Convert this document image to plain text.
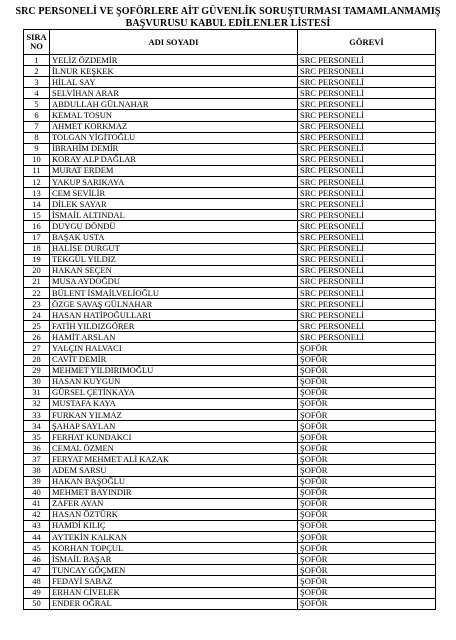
SRC PERSONELİ VE ŞOFÖRLERE AİT GÜVENLİK SORUŞTURMASI TAMAMLANMAMIŞ
BAŞVURUSU KABUL EDİLENLER LİSTESİ
SIRA
NO	ADI SOYADI	GÖREVİ
1	YELİZ ÖZDEMİR	SRC PERSONELİ
2	İLNUR KEŞKEK	SRC PERSONELİ
3	HİLAL SAY	SRC PERSONELİ
4	SELVİHAN ARAR	SRC PERSONELİ
5	ABDULLAH GÜLNAHAR	SRC PERSONELİ
6	KEMAL TOSUN	SRC PERSONELİ
7	AHMET KORKMAZ	SRC PERSONELİ
8	TOLGAN YİGİTOĞLU	SRC PERSONELİ
9	İBRAHİM DEMİR	SRC PERSONELİ
10	KORAY ALP DAĞLAR	SRC PERSONELİ
11	MURAT ERDEM	SRC PERSONELİ
12	YAKUP SARIKAYA	SRC PERSONELİ
13	CEM SEVİLİR	SRC PERSONELİ
14	DİLEK SAYAR	SRC PERSONELİ
15	İSMAİL ALTINDAL	SRC PERSONELİ
16	DUYGU DÖNDÜ	SRC PERSONELİ
17	BAŞAK USTA	SRC PERSONELİ
18	HALİSE DURGUT	SRC PERSONELİ
19	TEKGÜL YILDIZ	SRC PERSONELİ
20	HAKAN SEÇEN	SRC PERSONELİ
21	MUSA AYDOĞDU	SRC PERSONELİ
22	BÜLENT İSMAİLVELİOĞLU	SRC PERSONELİ
23	ÖZGE SAVAŞ GÜLNAHAR	SRC PERSONELİ
24	HASAN HATİPOĞULLARI	SRC PERSONELİ
25	FATİH YILDIZGÖRER	SRC PERSONELİ
26	HAMİT ARSLAN	SRC PERSONELİ
27	YALÇIN HALVACI	ŞOFÖR
28	CAVİT DEMİR	ŞOFÖR
29	MEHMET YILDIRIMOĞLU	ŞOFÖR
30	HASAN KUYGUN	ŞOFÖR
31	GÜRSEL ÇETİNKAYA	ŞOFÖR
32	MUSTAFA KAYA	ŞOFÖR
33	FURKAN YILMAZ	ŞOFÖR
34	ŞAHAP SAYLAN	ŞOFÖR
35	FERHAT KUNDAKCI	ŞOFÖR
36	CEMAL ÖZMEN	ŞOFÖR
37	FERYAT MEHMET ALİ KAZAK	ŞOFÖR
38	ADEM SARSU	ŞOFÖR
39	HAKAN BAŞOĞLU	ŞOFÖR
40	MEHMET BAYINDIR	ŞOFÖR
41	ZAFER AYAN	ŞOFÖR
42	HASAN ÖZTÜRK	ŞOFÖR
43	HAMDİ KILIÇ	ŞOFÖR
44	AYTEKİN KALKAN	ŞOFÖR
45	KORHAN TOPÇUL	ŞOFÖR
46	İSMAİL BAŞAR	ŞOFÖR
47	TUNCAY GÖÇMEN	ŞOFÖR
48	FEDAYİ SABAZ	ŞOFÖR
49	ERHAN CİVELEK	ŞOFÖR
50	ENDER OĞRAL	ŞOFÖR
